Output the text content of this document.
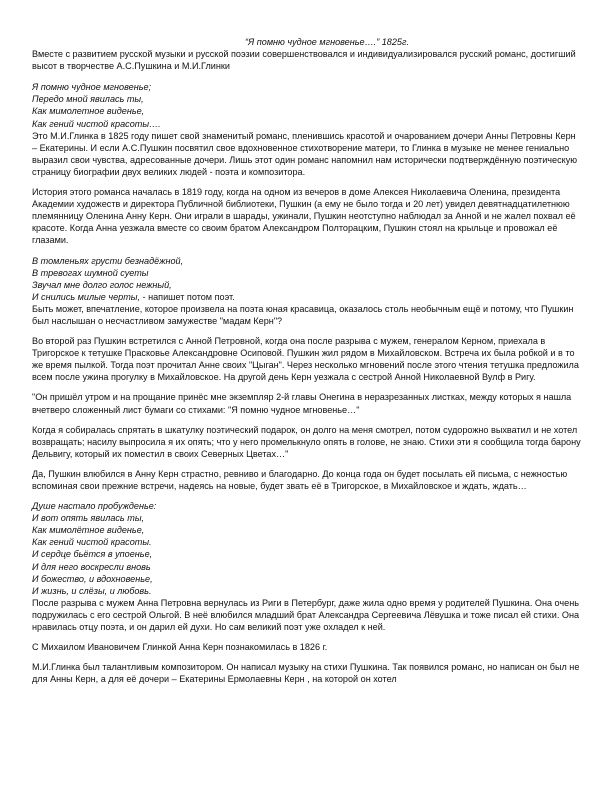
“Я помню чудное мгновенье….” 1825г.

Вместе с развитием русской музыки и русской поэзии совершенствовался и индивидуализировался русский романс, достигший высот в творчестве А.С.Пушкина и М.И.Глинки

Я помню чудное мгновенье;
Передо мной явилась ты,
Как мимолетное виденье,
Как гений чистой красоты….

Это М.И.Глинка в 1825 году пишет свой знаменитый романс, пленившись красотой и очарованием дочери Анны Петровны Керн – Екатерины. И если А.С.Пушкин посвятил свое вдохновенное стихотворение матери, то Глинка в музыке не менее гениально выразил свои чувства, адресованные дочери. Лишь этот один романс напомнил нам исторически подтверждённую поэтическую страницу биографии двух великих людей - поэта и композитора.

История этого романса началась в 1819 году, когда на одном из вечеров в доме Алексея Николаевича Оленина, президента Академии художеств и директора Публичной библиотеки, Пушкин (а ему не было тогда и 20 лет) увидел девятнадцатилетнюю племянницу Оленина Анну Керн. Они играли в шарады, ужинали, Пушкин неотступно наблюдал за Анной и не жалел похвал её красоте. Когда Анна уезжала вместе со своим братом Александром Полторацким, Пушкин стоял на крыльце и провожал её глазами.

В томленьях грусти безнадёжной,
В тревогах шумной суеты
Звучал мне долго голос нежный,
И снились милые черты, - напишет потом поэт.

Быть может, впечатление, которое произвела на поэта юная красавица, оказалось столь необычным ещё и потому, что Пушкин был наслышан о несчастливом замужестве "мадам Керн"?

Во второй раз Пушкин встретился с Анной Петровной, когда она после разрыва с мужем, генералом Керном, приехала в Тригорское к тетушке Прасковье Александровне Осиповой. Пушкин жил рядом в Михайловском. Встреча их была робкой и в то же время пылкой. Тогда поэт прочитал Анне своих "Цыган". Через несколько мгновений после этого чтения тетушка предложила всем после ужина прогулку в Михайловское. На другой день Керн уезжала с сестрой Анной Николаевной Вулф в Ригу.

"Он пришёл утром и на прощание принёс мне экземпляр 2-й главы Онегина в неразрезанных листках, между которых я нашла вчетверо сложенный лист бумаги со стихами: "Я помню чудное мгновенье…"

Когда я собиралась спрятать в шкатулку поэтический подарок, он долго на меня смотрел, потом судорожно выхватил и не хотел возвращать; насилу выпросила я их опять; что у него промелькнуло опять в голове, не знаю. Стихи эти я сообщила тогда барону Дельвигу, который их поместил в своих Северных Цветах…"

Да, Пушкин влюбился в Анну Керн страстно, ревниво и благодарно. До конца года он будет посылать ей письма, с нежностью вспоминая свои прежние встречи, надеясь на новые, будет звать её в Тригорское, в Михайловское и ждать, ждать…

Душе настало пробужденье:
И вот опять явилась ты,
Как мимолётное виденье,
Как гений чистой красоты.
И сердце бьётся в упоенье,
И для него воскресли вновь
И божество, и вдохновенье,
И жизнь, и слёзы, и любовь.

После разрыва с мужем Анна Петровна вернулась из Риги в Петербург, даже жила одно время у родителей Пушкина. Она очень подружилась с его сестрой Ольгой. В неё влюбился младший брат Александра Сергеевича Лёвушка и тоже писал ей стихи. Она нравилась отцу поэта, и он дарил ей духи. Но сам великий поэт уже охладел к ней.

С Михаилом Ивановичем Глинкой Анна Керн познакомилась в 1826 г.

М.И.Глинка был талантливым композитором. Он написал музыку на стихи Пушкина. Так появился романс, но написан он был не для Анны Керн, а для её дочери – Екатерины Ермолаевны Керн , на которой он хотел
